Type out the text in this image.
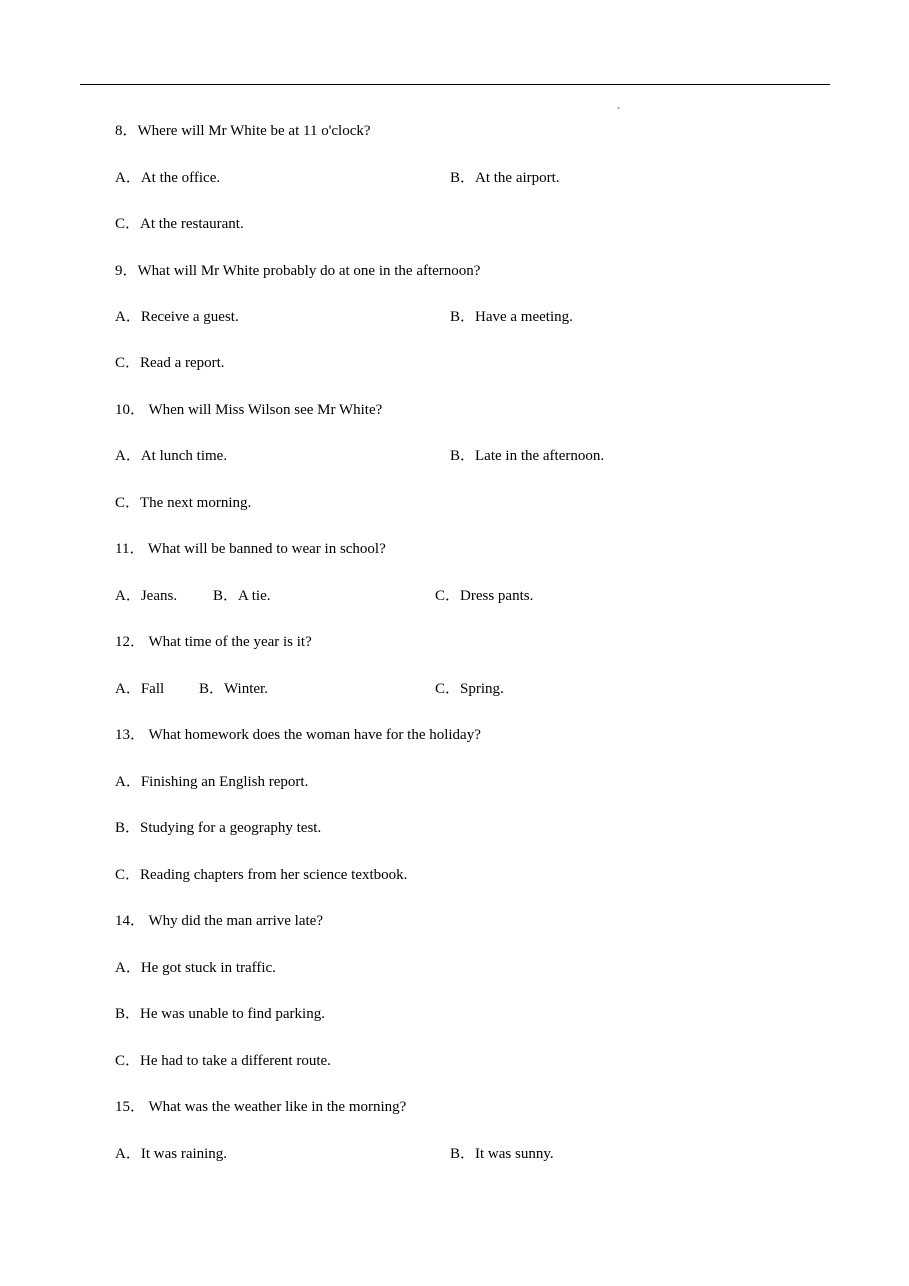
`
8．Where will Mr White be at 11 o'clock?
A．At the office.	B．At the airport.
C．At the restaurant.
9．What will Mr White probably do at one in the afternoon?
A．Receive a guest.	B．Have a meeting.
C．Read a report.
10． When will Miss Wilson see Mr White?
A．At lunch time.	B．Late in the afternoon.
C．The next morning.
11． What will be banned to wear in school?
A．Jeans. B．A tie.	C．Dress pants.
12． What time of the year is it?
A．Fall B．Winter.	C．Spring.
13． What homework does the woman have for the holiday?
A．Finishing an English report.
B．Studying for a geography test.
C．Reading chapters from her science textbook.
14． Why did the man arrive late?
A．He got stuck in traffic.
B．He was unable to find parking.
C．He had to take a different route.
15． What was the weather like in the morning?
A．It was raining.	B．It was sunny.
